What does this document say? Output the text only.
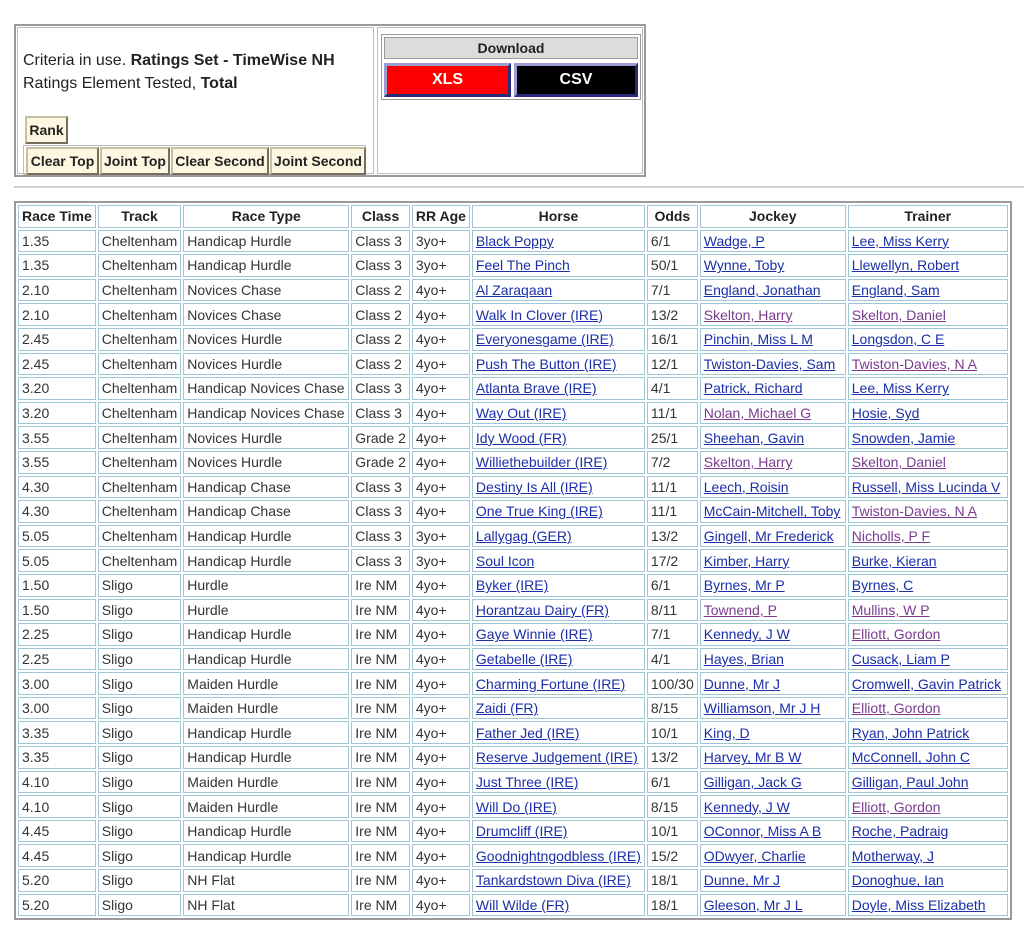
Criteria in use. Ratings Set - TimeWise NH
Ratings Element Tested, Total
Rank
Clear Top Joint Top Clear Second Joint Second
Download
XLS	CSV
Race Time	Track	Race Type	Class	RR Age	Horse	Odds	Jockey	Trainer
1.35	Cheltenham	Handicap Hurdle	Class 3	3yo+	Black Poppy	6/1	Wadge, P	Lee, Miss Kerry
1.35	Cheltenham	Handicap Hurdle	Class 3	3yo+	Feel The Pinch	50/1	Wynne, Toby	Llewellyn, Robert
2.10	Cheltenham	Novices Chase	Class 2	4yo+	Al Zaraqaan	7/1	England, Jonathan	England, Sam
2.10	Cheltenham	Novices Chase	Class 2	4yo+	Walk In Clover (IRE)	13/2	Skelton, Harry	Skelton, Daniel
2.45	Cheltenham	Novices Hurdle	Class 2	4yo+	Everyonesgame (IRE)	16/1	Pinchin, Miss L M	Longsdon, C E
2.45	Cheltenham	Novices Hurdle	Class 2	4yo+	Push The Button (IRE)	12/1	Twiston-Davies, Sam	Twiston-Davies, N A
3.20	Cheltenham	Handicap Novices Chase	Class 3	4yo+	Atlanta Brave (IRE)	4/1	Patrick, Richard	Lee, Miss Kerry
3.20	Cheltenham	Handicap Novices Chase	Class 3	4yo+	Way Out (IRE)	11/1	Nolan, Michael G	Hosie, Syd
3.55	Cheltenham	Novices Hurdle	Grade 2	4yo+	Idy Wood (FR)	25/1	Sheehan, Gavin	Snowden, Jamie
3.55	Cheltenham	Novices Hurdle	Grade 2	4yo+	Williethebuilder (IRE)	7/2	Skelton, Harry	Skelton, Daniel
4.30	Cheltenham	Handicap Chase	Class 3	4yo+	Destiny Is All (IRE)	11/1	Leech, Roisin	Russell, Miss Lucinda V
4.30	Cheltenham	Handicap Chase	Class 3	4yo+	One True King (IRE)	11/1	McCain-Mitchell, Toby	Twiston-Davies, N A
5.05	Cheltenham	Handicap Hurdle	Class 3	3yo+	Lallygag (GER)	13/2	Gingell, Mr Frederick	Nicholls, P F
5.05	Cheltenham	Handicap Hurdle	Class 3	3yo+	Soul Icon	17/2	Kimber, Harry	Burke, Kieran
1.50	Sligo	Hurdle	Ire NM	4yo+	Byker (IRE)	6/1	Byrnes, Mr P	Byrnes, C
1.50	Sligo	Hurdle	Ire NM	4yo+	Horantzau Dairy (FR)	8/11	Townend, P	Mullins, W P
2.25	Sligo	Handicap Hurdle	Ire NM	4yo+	Gaye Winnie (IRE)	7/1	Kennedy, J W	Elliott, Gordon
2.25	Sligo	Handicap Hurdle	Ire NM	4yo+	Getabelle (IRE)	4/1	Hayes, Brian	Cusack, Liam P
3.00	Sligo	Maiden Hurdle	Ire NM	4yo+	Charming Fortune (IRE)	100/30	Dunne, Mr J	Cromwell, Gavin Patrick
3.00	Sligo	Maiden Hurdle	Ire NM	4yo+	Zaidi (FR)	8/15	Williamson, Mr J H	Elliott, Gordon
3.35	Sligo	Handicap Hurdle	Ire NM	4yo+	Father Jed (IRE)	10/1	King, D	Ryan, John Patrick
3.35	Sligo	Handicap Hurdle	Ire NM	4yo+	Reserve Judgement (IRE)	13/2	Harvey, Mr B W	McConnell, John C
4.10	Sligo	Maiden Hurdle	Ire NM	4yo+	Just Three (IRE)	6/1	Gilligan, Jack G	Gilligan, Paul John
4.10	Sligo	Maiden Hurdle	Ire NM	4yo+	Will Do (IRE)	8/15	Kennedy, J W	Elliott, Gordon
4.45	Sligo	Handicap Hurdle	Ire NM	4yo+	Drumcliff (IRE)	10/1	OConnor, Miss A B	Roche, Padraig
4.45	Sligo	Handicap Hurdle	Ire NM	4yo+	Goodnightngodbless (IRE)	15/2	ODwyer, Charlie	Motherway, J
5.20	Sligo	NH Flat	Ire NM	4yo+	Tankardstown Diva (IRE)	18/1	Dunne, Mr J	Donoghue, Ian
5.20	Sligo	NH Flat	Ire NM	4yo+	Will Wilde (FR)	18/1	Gleeson, Mr J L	Doyle, Miss Elizabeth
